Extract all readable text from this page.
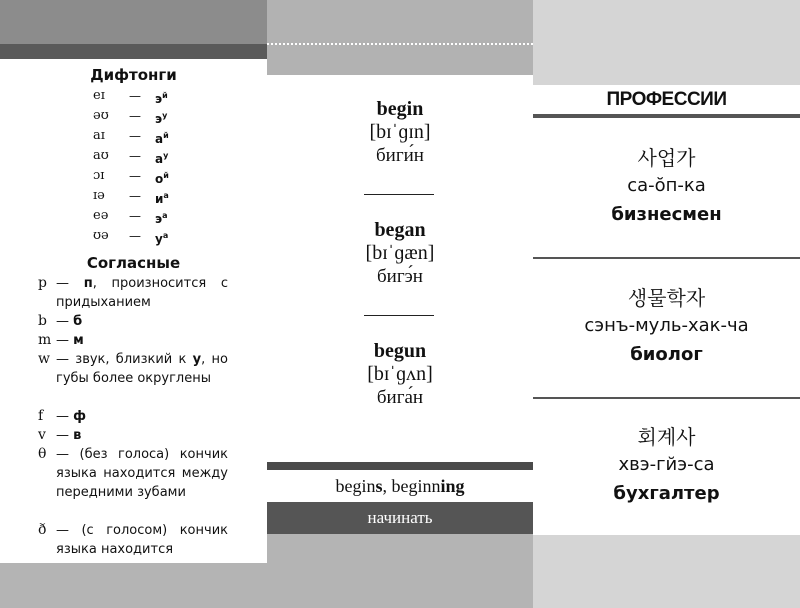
Дифтонги
eɪ	—	$э^й$
əʊ	—	$э^у$
aɪ	—	$а^й$
aʊ	—	$а^у$
ɔɪ	—	$о^й$
ɪə	—	$и^а$
eə	—	$э^а$
ʊə	—	$у^а$
Согласные
p — п, произносится с придыханием
b — б
m — м
w — звук, близкий к у, но губы более округлены
f — ф
v — в
θ — (без голоса) кончик языка находится между передними зубами
ð — (с голосом) кончик языка находится
begin
[bɪˈɡɪn]
биги́н
began
[bɪˈɡæn]
бигэ́н
begun
[bɪˈɡʌn]
бига́н
begins, beginning
начинать
ПРОФЕССИИ
사업가
са-ŏп-ка
бизнесмен
생물학자
сэнъ-муль-хак-ча
биолог
회계사
хвэ-гйэ-са
бухгалтер
